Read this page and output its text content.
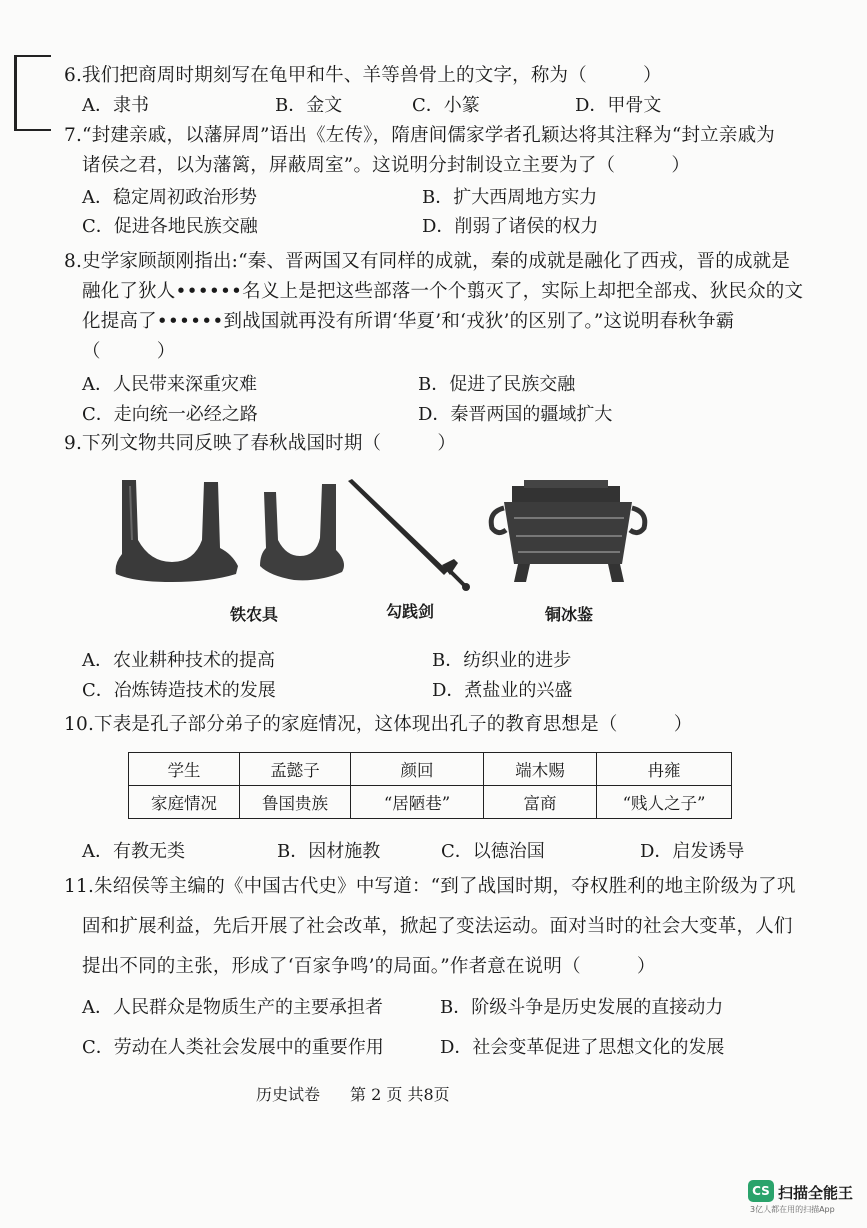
6.我们把商周时期刻写在龟甲和牛、羊等兽骨上的文字，称为（　　　）
A．隶书	B．金文	C．小篆	D．甲骨文
7.“封建亲戚，以藩屏周”语出《左传》，隋唐间儒家学者孔颖达将其注释为“封立亲戚为
诸侯之君，以为藩篱，屏蔽周室”。这说明分封制设立主要为了（　　　）
A．稳定周初政治形势	B．扩大西周地方实力
C．促进各地民族交融	D．削弱了诸侯的权力
8.史学家顾颉刚指出:“秦、晋两国又有同样的成就，秦的成就是融化了西戎，晋的成就是
融化了狄人••••••名义上是把这些部落一个个翦灭了，实际上却把全部戎、狄民众的文
化提高了••••••到战国就再没有所谓‘华夏’和‘戎狄’的区别了。”这说明春秋争霸
（　　　）
A．人民带来深重灾难	B．促进了民族交融
C．走向统一必经之路	D．秦晋两国的疆域扩大
9.下列文物共同反映了春秋战国时期（　　　）
铁农具	勾践剑	铜冰鉴
A．农业耕种技术的提高	B．纺织业的进步
C．冶炼铸造技术的发展	D．煮盐业的兴盛
10.下表是孔子部分弟子的家庭情况，这体现出孔子的教育思想是（　　　）
学生	孟懿子	颜回	端木赐	冉雍
家庭情况	鲁国贵族	“居陋巷”	富商	“贱人之子”
A．有教无类	B．因材施教	C．以德治国	D．启发诱导
11.朱绍侯等主编的《中国古代史》中写道：“到了战国时期，夺权胜利的地主阶级为了巩
固和扩展利益，先后开展了社会改革，掀起了变法运动。面对当时的社会大变革，人们
提出不同的主张，形成了‘百家争鸣’的局面。”作者意在说明（　　　）
A．人民群众是物质生产的主要承担者	B．阶级斗争是历史发展的直接动力
C．劳动在人类社会发展中的重要作用	D．社会变革促进了思想文化的发展
历史试卷 第 2 页 共8页
CS 扫描全能王
3亿人都在用的扫描App
